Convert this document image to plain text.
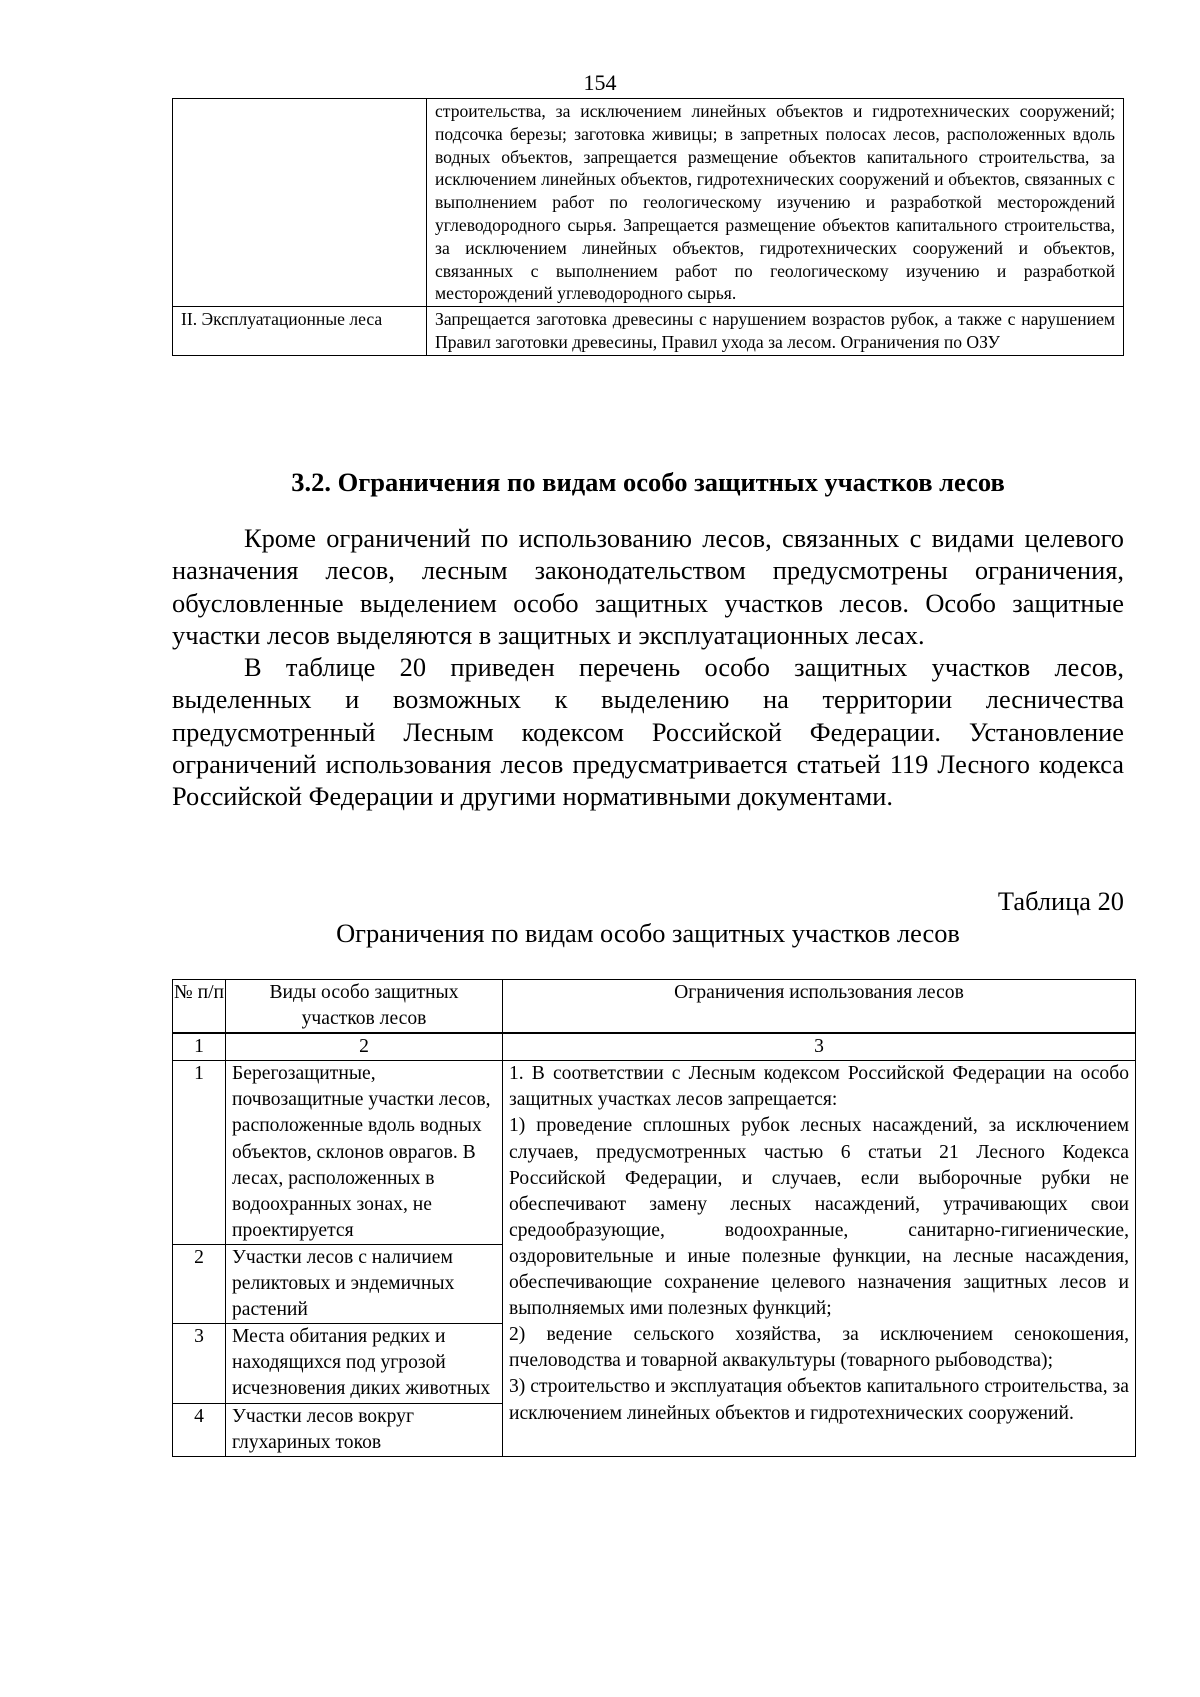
154
	строительства, за исключением линейных объектов и гидротехнических сооружений; подсочка березы; заготовка живицы; в запретных полосах лесов, расположенных вдоль водных объектов, запрещается размещение объектов капитального строительства, за исключением линейных объектов, гидротехнических сооружений и объектов, связанных с выполнением работ по геологическому изучению и разработкой месторождений углеводородного сырья. Запрещается размещение объектов капитального строительства, за исключением линейных объектов, гидротехнических сооружений и объектов, связанных с выполнением работ по геологическому изучению и разработкой месторождений углеводородного сырья.
II. Эксплуатационные леса	Запрещается заготовка древесины с нарушением возрастов рубок, а также с нарушением Правил заготовки древесины, Правил ухода за лесом. Ограничения по ОЗУ
3.2. Ограничения по видам особо защитных участков лесов

Кроме ограничений по использованию лесов, связанных с видами целевого назначения лесов, лесным законодательством предусмотрены ограничения, обусловленные выделением особо защитных участков лесов. Особо защитные участки лесов выделяются в защитных и эксплуатационных лесах.

В таблице 20 приведен перечень особо защитных участков лесов, выделенных и возможных к выделению на территории лесничества предусмотренный Лесным кодексом Российской Федерации. Установление ограничений использования лесов предусматривается статьей 119 Лесного кодекса Российской Федерации и другими нормативными документами.

Таблица 20
Ограничения по видам особо защитных участков лесов
№ п/п	Виды особо защитных участков лесов	Ограничения использования лесов
1	2	3
1	Берегозащитные, почвозащитные участки лесов, расположенные вдоль водных объектов, склонов оврагов. В лесах, расположенных в водоохранных зонах, не проектируется	1. В соответствии с Лесным кодексом Российской Федерации на особо защитных участках лесов запрещается:
1) проведение сплошных рубок лесных насаждений, за исключением случаев, предусмотренных частью 6 статьи 21 Лесного Кодекса Российской Федерации, и случаев, если выборочные рубки не обеспечивают замену лесных насаждений, утрачивающих свои средообразующие, водоохранные, санитарно-гигиенические, оздоровительные и иные полезные функции, на лесные насаждения, обеспечивающие сохранение целевого назначения защитных лесов и выполняемых ими полезных функций;
2) ведение сельского хозяйства, за исключением сенокошения, пчеловодства и товарной аквакультуры (товарного рыбоводства);
3) строительство и эксплуатация объектов капитального строительства, за исключением линейных объектов и гидротехнических сооружений.

2	Участки лесов с наличием реликтовых и эндемичных растений	
3	Места обитания редких и находящихся под угрозой исчезновения диких животных	
4	Участки лесов вокруг глухариных токов	
